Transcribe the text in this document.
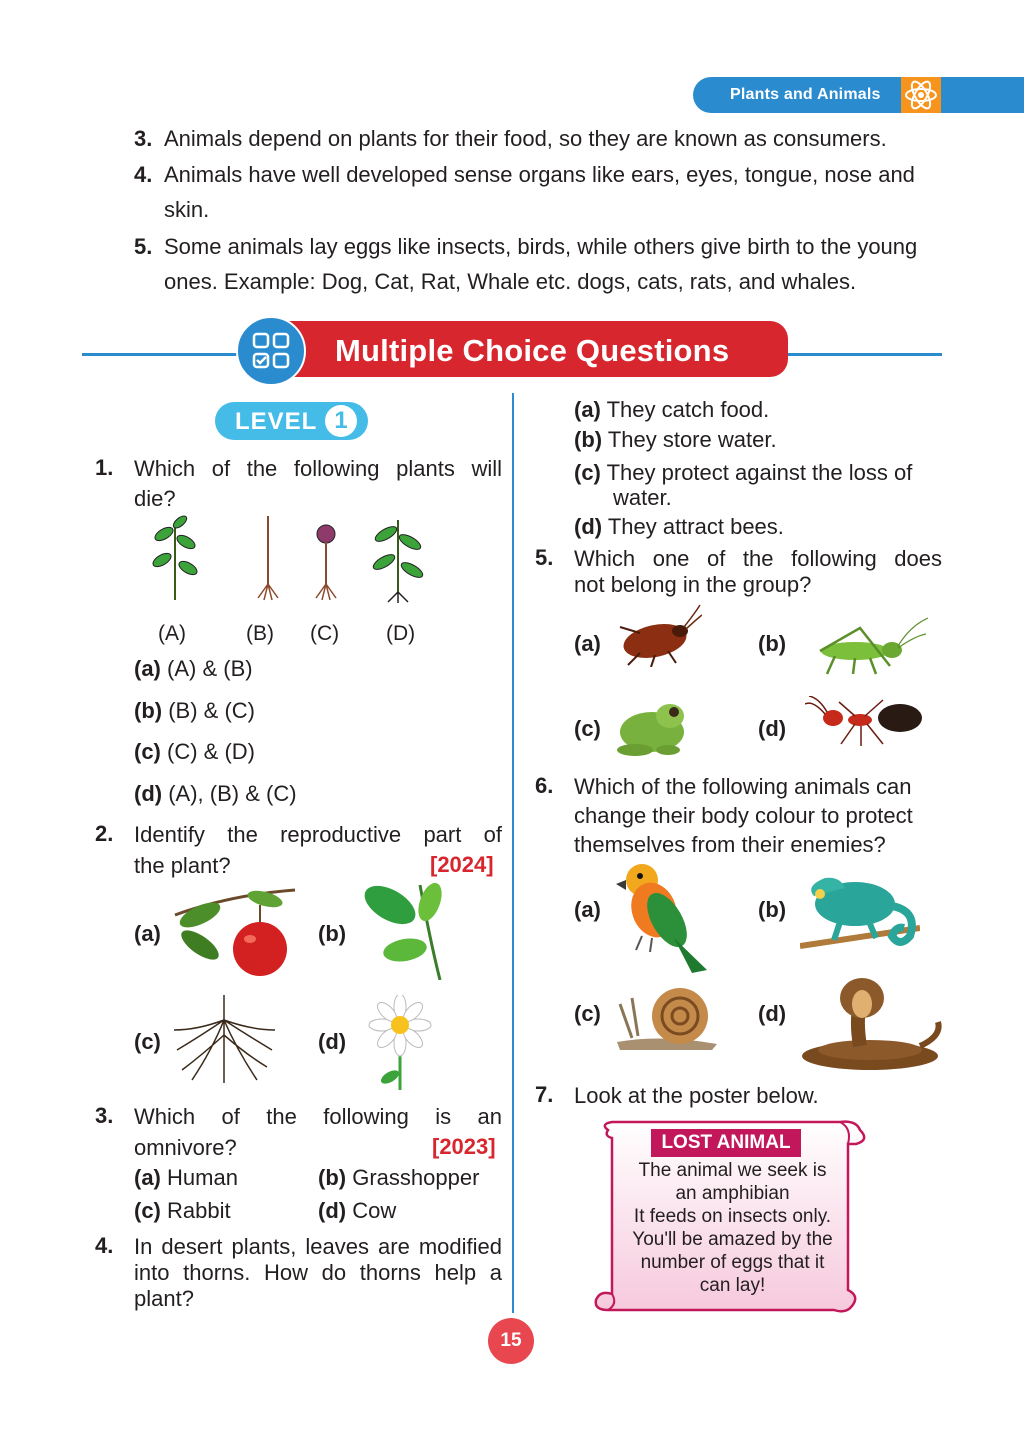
Plants and Animals
3. Animals depend on plants for their food, so they are known as consumers.
4. Animals have well developed sense organs like ears, eyes, tongue, nose and
skin.
5. Some animals lay eggs like insects, birds, while others give birth to the young
ones. Example: Dog, Cat, Rat, Whale etc. dogs, cats, rats, and whales.
Multiple Choice Questions
LEVEL 1
1. Which of the following plants will
die?
(A)	(B) (C) (D)
(a) (A) & (B)
(b) (B) & (C)
(c) (C) & (D)
(d) (A), (B) & (C)
2. Identify the reproductive part of
the plant?	[2024]
(a)	(b)
(c)	(d)
3. Which of the following is an
omnivore?	[2023]
(a) Human	(b) Grasshopper
(c) Rabbit	(d) Cow
4. In desert plants, leaves are modified
into thorns. How do thorns help a
plant?
(a) They catch food.
(b) They store water.
(c) They protect against the loss of
water.
(d) They attract bees.
5. Which one of the following does
not belong in the group?
(a)	(b)
(c)	(d)
6. Which of the following animals can
change their body colour to protect
themselves from their enemies?
(a)	(b)
(c)	(d)
7. Look at the poster below.
LOST ANIMAL
The animal we seek is
an amphibian
It feeds on insects only.
You'll be amazed by the
number of eggs that it
can lay!
15
